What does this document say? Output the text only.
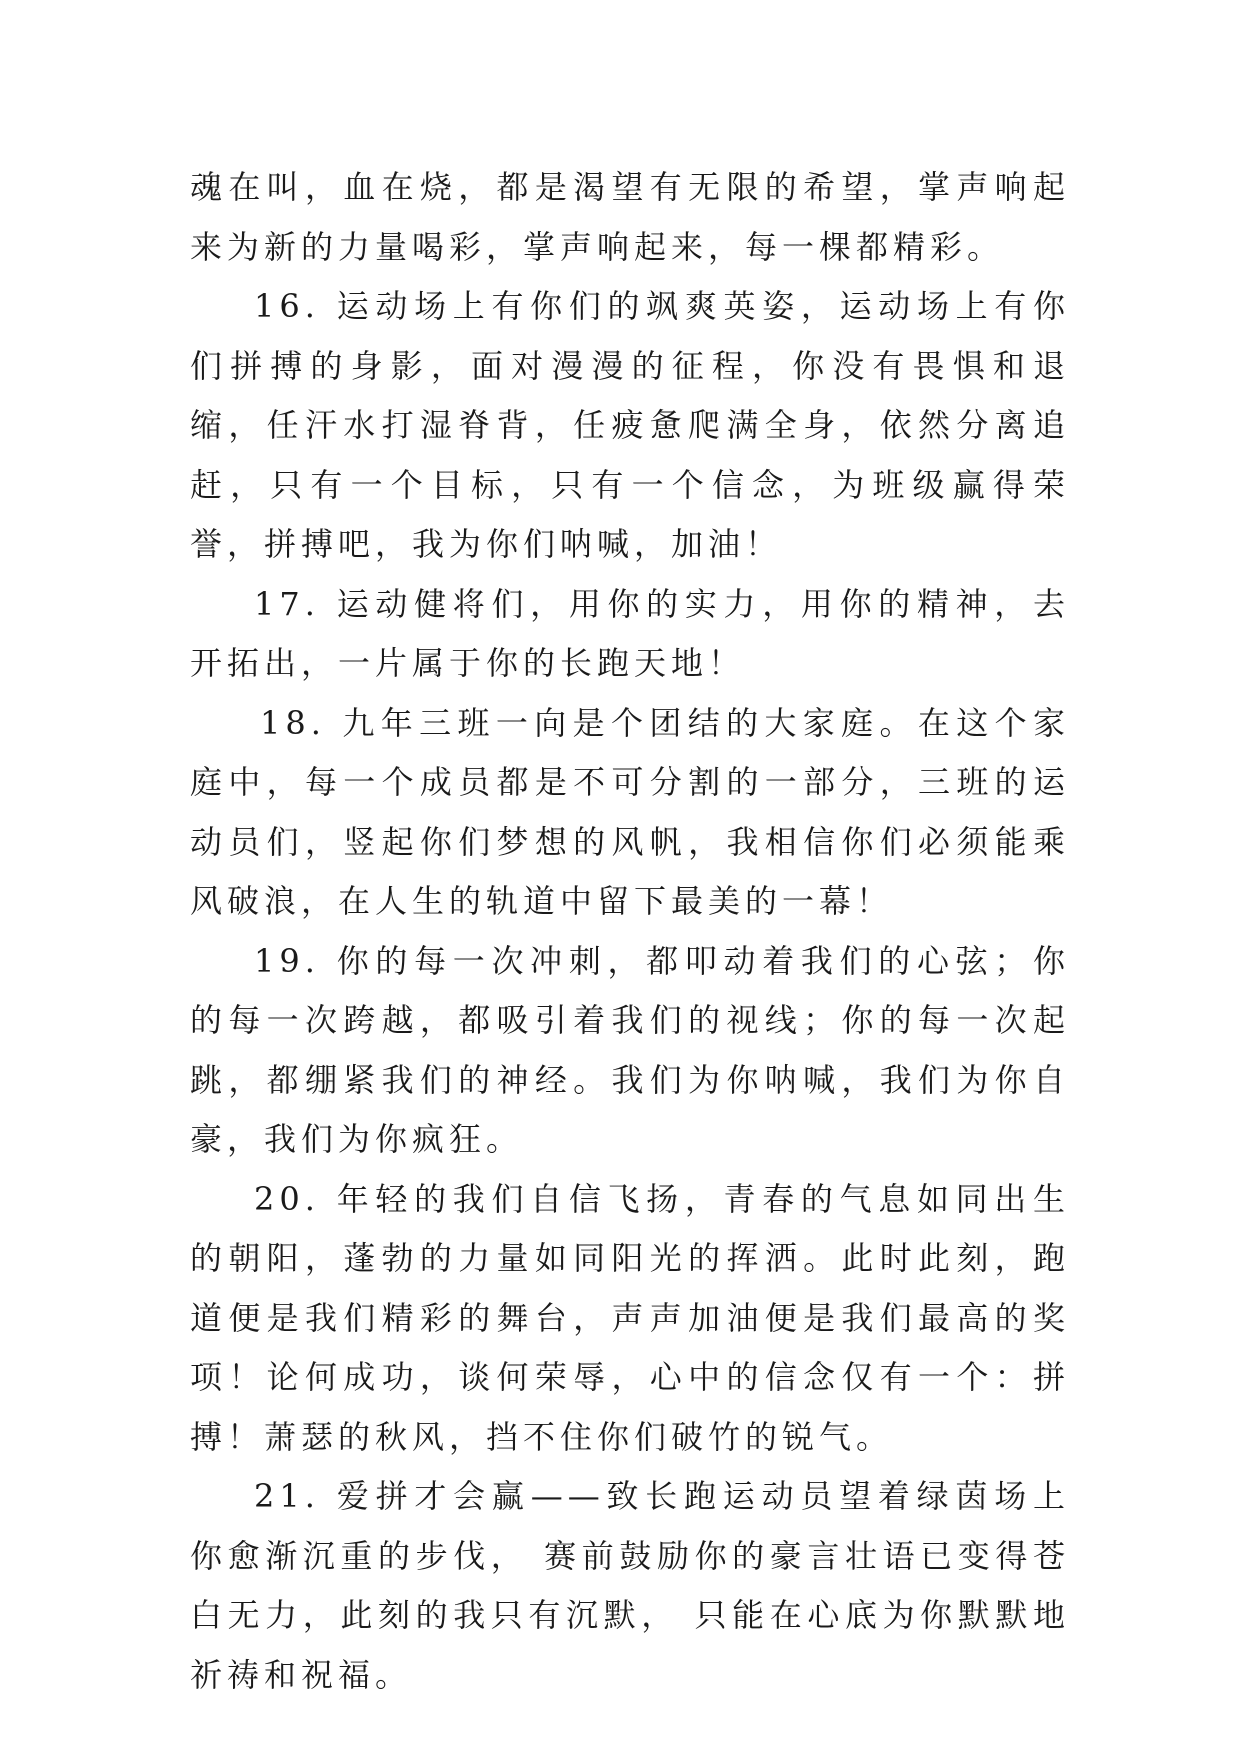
魂在叫，血在烧，都是渴望有无限的希望，掌声响起来为新的力量喝彩，掌声响起来，每一棵都精彩。

16. 运动场上有你们的飒爽英姿，运动场上有你们拼搏的身影，面对漫漫的征程，你没有畏惧和退缩，任汗水打湿脊背，任疲惫爬满全身，依然分离追赶，只有一个目标，只有一个信念，为班级赢得荣誉，拼搏吧，我为你们呐喊，加油！

17. 运动健将们，用你的实力，用你的精神，去开拓出，一片属于你的长跑天地！

18. 九年三班一向是个团结的大家庭。在这个家庭中，每一个成员都是不可分割的一部分，三班的运动员们，竖起你们梦想的风帆，我相信你们必须能乘风破浪，在人生的轨道中留下最美的一幕！

19. 你的每一次冲刺，都叩动着我们的心弦；你的每一次跨越，都吸引着我们的视线；你的每一次起跳，都绷紧我们的神经。我们为你呐喊，我们为你自豪，我们为你疯狂。

20. 年轻的我们自信飞扬，青春的气息如同出生的朝阳，蓬勃的力量如同阳光的挥洒。此时此刻，跑道便是我们精彩的舞台，声声加油便是我们最高的奖项！论何成功，谈何荣辱，心中的信念仅有一个：拼搏！萧瑟的秋风，挡不住你们破竹的锐气。

21. 爱拼才会赢——致长跑运动员望着绿茵场上你愈渐沉重的步伐， 赛前鼓励你的豪言壮语已变得苍白无力，此刻的我只有沉默， 只能在心底为你默默地祈祷和祝福。
